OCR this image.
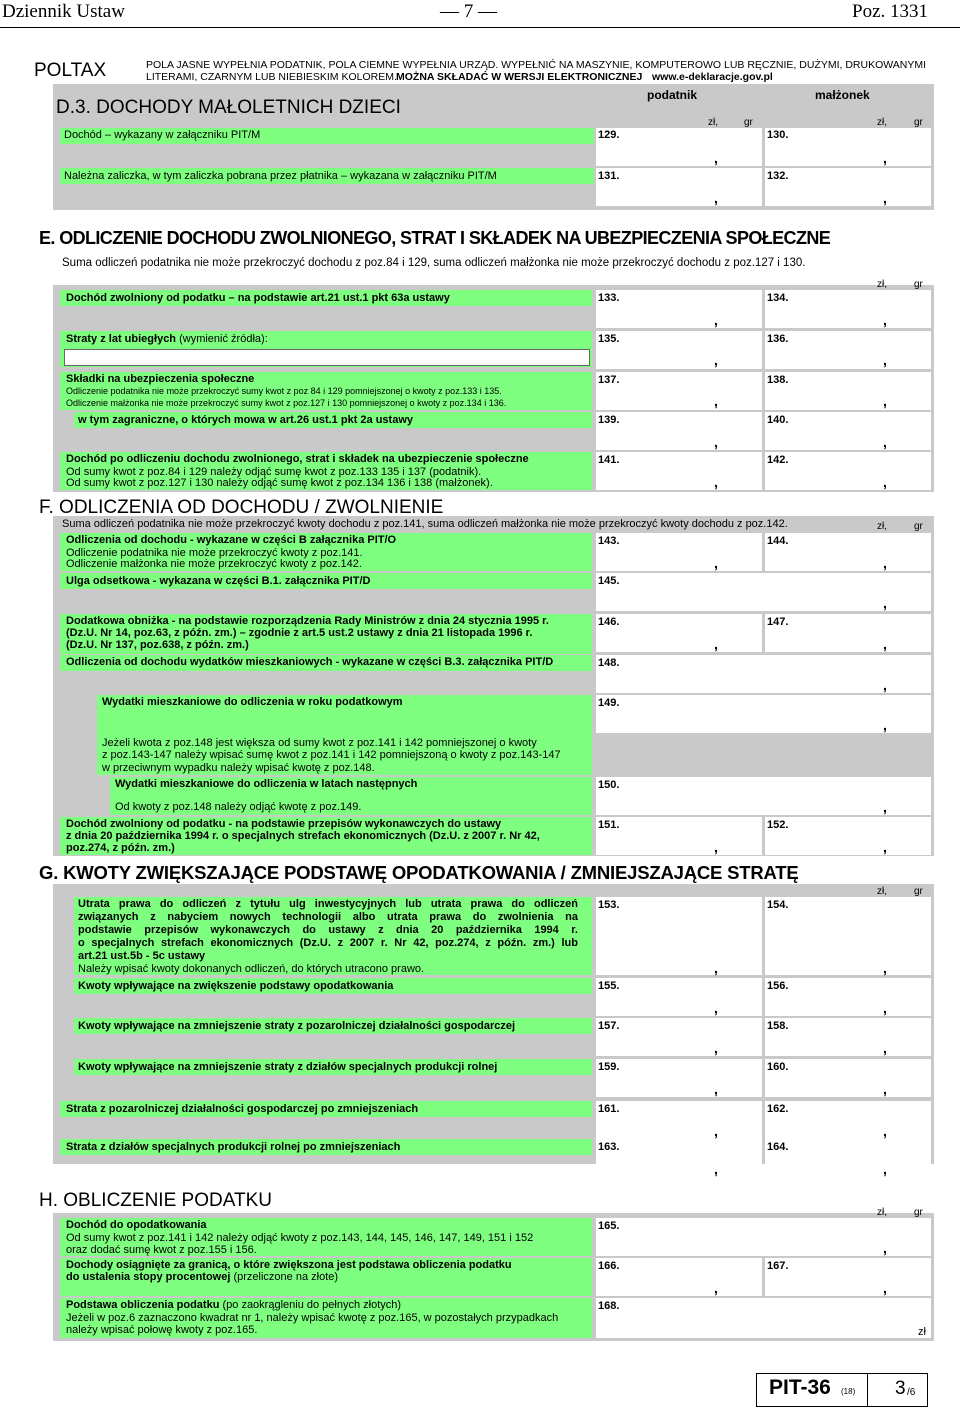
Dziennik Ustaw	— 7 —	Poz. 1331
POLTAX	POLA JASNE WYPEŁNIA PODATNIK, POLA CIEMNE WYPEŁNIA URZĄD. WYPEŁNIĆ NA MASZYNIE, KOMPUTEROWO LUB RĘCZNIE, DUŻYMI, DRUKOWANYMI
LITERAMI, CZARNYM LUB NIEBIESKIM KOLOREM. MOŻNA SKŁADAĆ W WERSJI ELEKTRONICZNEJ www.e-deklaracje.gov.pl
D.3. DOCHODY MAŁOLETNICH DZIECI
podatnik	małżonek
zł,	gr	zł,	gr
Dochód – wykazany w załączniku PIT/M	129.	130.
,	,
Należna zaliczka, w tym zaliczka pobrana przez płatnika – wykazana w załączniku PIT/M	131.	132.
,	,
E. ODLICZENIE DOCHODU ZWOLNIONEGO, STRAT I SKŁADEK NA UBEZPIECZENIA SPOŁECZNE
Suma odliczeń podatnika nie może przekroczyć dochodu z poz.84 i 129, suma odliczeń małżonka nie może przekroczyć dochodu z poz.127 i 130.
zł,	gr
Dochód zwolniony od podatku – na podstawie art.21 ust.1 pkt 63a ustawy	133.	134.
,	,
Straty z lat ubiegłych (wymienić źródła):	135.	136.
,	,
Składki na ubezpieczenia społeczne
Odliczenie podatnika nie może przekroczyć sumy kwot z poz 84 i 129 pomniejszonej o kwoty z poz.133 i 135.
Odliczenie małżonka nie może przekroczyć sumy kwot z poz.127 i 130 pomniejszonej o kwoty z poz.134 i 136.
137.	138.
,	,
w tym zagraniczne, o których mowa w art.26 ust.1 pkt 2a ustawy	139.	140.
,	,
Dochód po odliczeniu dochodu zwolnionego, strat i składek na ubezpieczenie społeczne
Od sumy kwot z poz.84 i 129 należy odjąć sumę kwot z poz.133 135 i 137 (podatnik).
Od sumy kwot z poz.127 i 130 należy odjąć sumę kwot z poz.134 136 i 138 (małżonek).
141.	142.
,	,
F. ODLICZENIA OD DOCHODU / ZWOLNIENIE
Suma odliczeń podatnika nie może przekroczyć kwoty dochodu z poz.141, suma odliczeń małżonka nie może przekroczyć kwoty dochodu z poz.142.	zł,	gr
Odliczenia od dochodu - wykazane w części B załącznika PIT/O
Odliczenie podatnika nie może przekroczyć kwoty z poz.141.
Odliczenie małżonka nie może przekroczyć kwoty z poz.142.
143.	144.
,	,
Ulga odsetkowa - wykazana w części B.1. załącznika PIT/D	145.
,
Dodatkowa obniżka - na podstawie rozporządzenia Rady Ministrów z dnia 24 stycznia 1995 r.
(Dz.U. Nr 14, poz.63, z późn. zm.) – zgodnie z art.5 ust.2 ustawy z dnia 21 listopada 1996 r.
(Dz.U. Nr 137, poz.638, z późn. zm.)
146.	147.
,	,
Odliczenia od dochodu wydatków mieszkaniowych - wykazane w części B.3. załącznika PIT/D	148.
,
Wydatki mieszkaniowe do odliczenia w roku podatkowym
Jeżeli kwota z poz.148 jest większa od sumy kwot z poz.141 i 142 pomniejszonej o kwoty
z poz.143-147 należy wpisać sumę kwot z poz.141 i 142 pomniejszoną o kwoty z poz.143-147
w przeciwnym wypadku należy wpisać kwotę z poz.148.
149.
,
Wydatki mieszkaniowe do odliczenia w latach następnych
Od kwoty z poz.148 należy odjąć kwotę z poz.149.
150.
,
Dochód zwolniony od podatku - na podstawie przepisów wykonawczych do ustawy
z dnia 20 października 1994 r. o specjalnych strefach ekonomicznych (Dz.U. z 2007 r. Nr 42,
poz.274, z późn. zm.)
151.	152.
,	,
G. KWOTY ZWIĘKSZAJĄCE PODSTAWĘ OPODATKOWANIA / ZMNIEJSZAJĄCE STRATĘ
zł,	gr
Utrata prawa do odliczeń z tytułu ulg inwestycyjnych lub utrata prawa do odliczeń
związanych z nabyciem nowych technologii albo utrata prawa do zwolnienia na
podstawie przepisów wykonawczych do ustawy z dnia 20 października 1994 r.
o specjalnych strefach ekonomicznych (Dz.U. z 2007 r. Nr 42, poz.274, z późn. zm.) lub
art.21 ust.5b - 5c ustawy
Należy wpisać kwoty dokonanych odliczeń, do których utracono prawo.
153.	154.
,	,
Kwoty wpływające na zwiększenie podstawy opodatkowania	155.	156.
,	,
Kwoty wpływające na zmniejszenie straty z pozarolniczej działalności gospodarczej	157.	158.
,	,
Kwoty wpływające na zmniejszenie straty z działów specjalnych produkcji rolnej	159.	160.
,	,
Strata z pozarolniczej działalności gospodarczej po zmniejszeniach	161.	162.
,	,
Strata z działów specjalnych produkcji rolnej po zmniejszeniach	163.	164.
,	,
H. OBLICZENIE PODATKU
zł,	gr
Dochód do opodatkowania
Od sumy kwot z poz.141 i 142 należy odjąć kwoty z poz.143, 144, 145, 146, 147, 149, 151 i 152
oraz dodać sumę kwot z poz.155 i 156.
165.
,
Dochody osiągnięte za granicą, o które zwiększona jest podstawa obliczenia podatku
do ustalenia stopy procentowej (przeliczone na złote)
166.	167.
,	,
Podstawa obliczenia podatku (po zaokrągleniu do pełnych złotych)
Jeżeli w poz.6 zaznaczono kwadrat nr 1, należy wpisać kwotę z poz.165, w pozostałych przypadkach
należy wpisać połowę kwoty z poz.165.
168.
zł
PIT-36 (18) 3 /6
